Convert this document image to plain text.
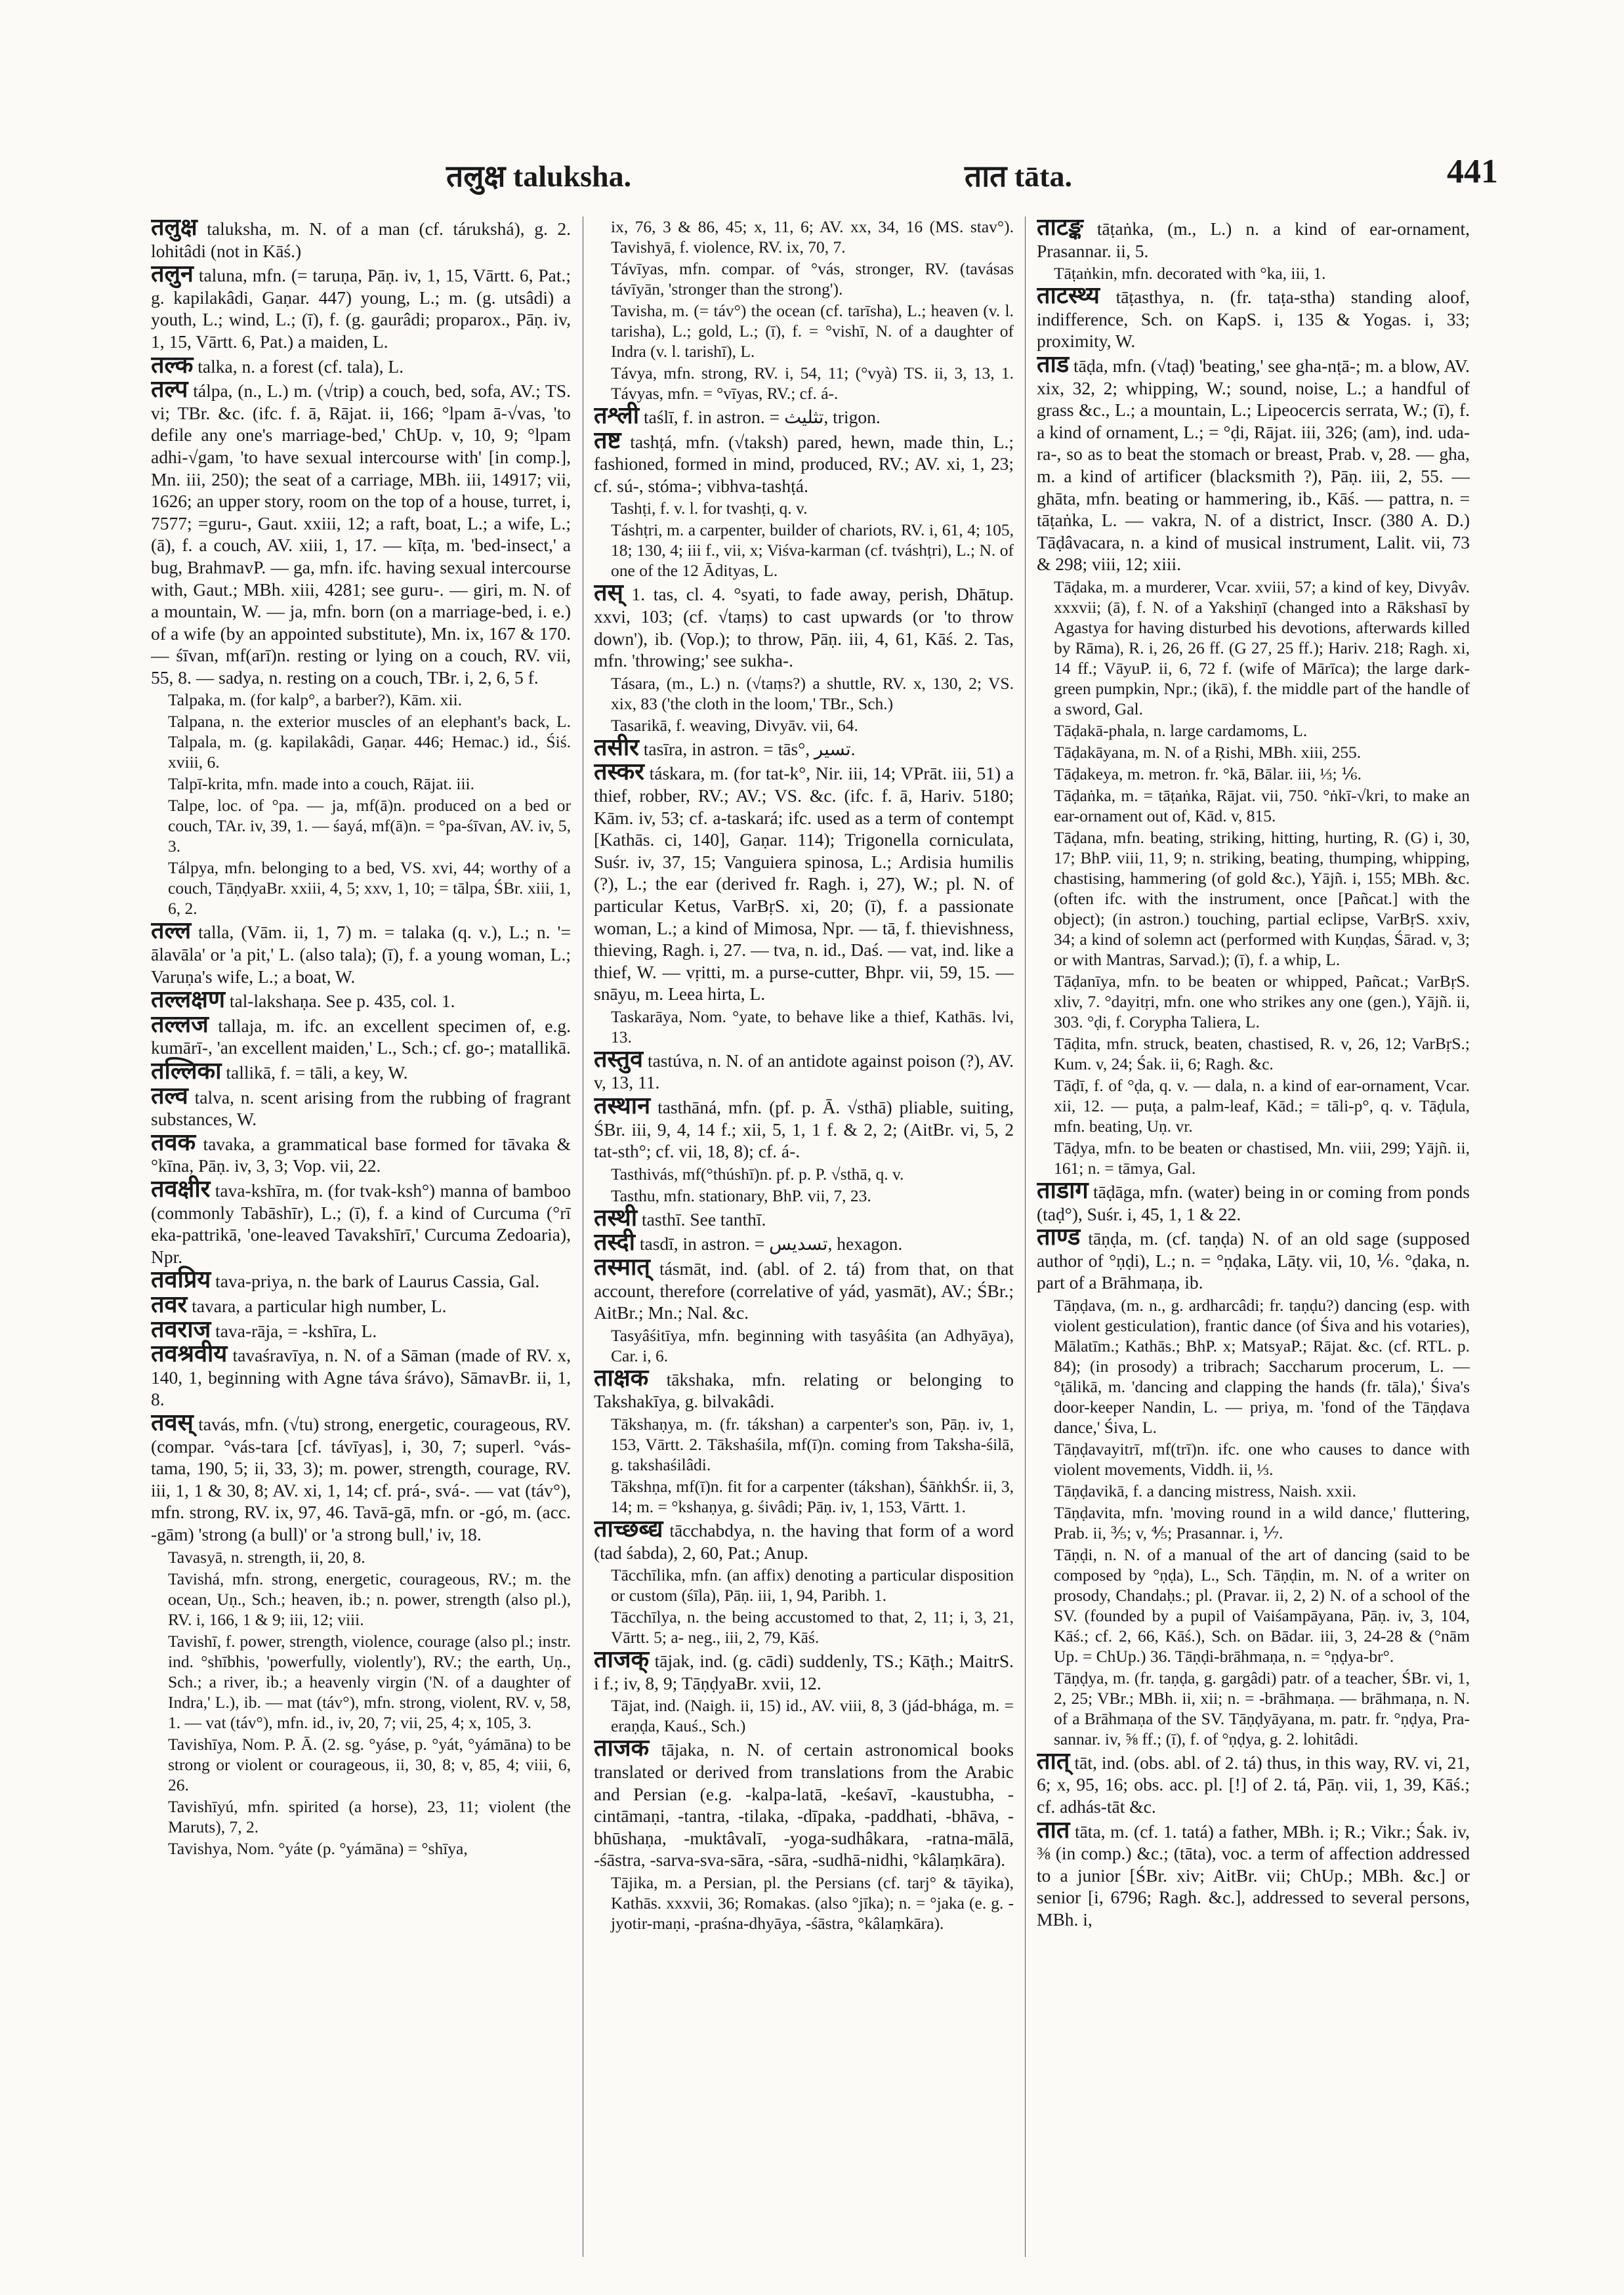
तलुक्ष taluksha.	तात tāta.	441
तलुक्ष taluksha, m. N. of a man (cf. tárukshá), g. 2. lohitâdi (not in Kāś.)
तलुन taluna, mfn. (= taruṇa, Pāṇ. iv, 1, 15, Vārtt. 6, Pat.; g. kapilakâdi, Gaṇar. 447) young, L.; m. (g. utsâdi) a youth, L.; wind, L.; (ī), f. (g. gaurâdi; proparox., Pāṇ. iv, 1, 15, Vārtt. 6, Pat.) a maiden, L.
तल्क talka, n. a forest (cf. tala), L.
तल्प tálpa, (n., L.) m. (√trip) a couch, bed, sofa, AV.; TS. vi; TBr. &c. (ifc. f. ā, Rājat. ii, 166; °lpam ā-√vas, 'to defile any one's marriage-bed,' ChUp. v, 10, 9; °lpam adhi-√gam, 'to have sexual intercourse with' [in comp.], Mn. iii, 250); the seat of a carriage, MBh. iii, 14917; vii, 1626; an upper story, room on the top of a house, turret, i, 7577; =guru-, Gaut. xxiii, 12; a raft, boat, L.; a wife, L.; (ā), f. a couch, AV. xiii, 1, 17. — kīṭa, m. 'bed-insect,' a bug, BrahmavP. — ga, mfn. ifc. having sexual intercourse with, Gaut.; MBh. xiii, 4281; see guru-. — giri, m. N. of a mountain, W. — ja, mfn. born (on a marriage-bed, i. e.) of a wife (by an appointed substitute), Mn. ix, 167 & 170. — śīvan, mf(arī)n. resting or lying on a couch, RV. vii, 55, 8. — sadya, n. resting on a couch, TBr. i, 2, 6, 5 f.
Talpaka, m. (for kalp°, a barber?), Kām. xii.
Talpana, n. the exterior muscles of an elephant's back, L. Talpala, m. (g. kapilakâdi, Gaṇar. 446; Hemac.) id., Śiś. xviii, 6.
Talpī-krita, mfn. made into a couch, Rājat. iii.
Talpe, loc. of °pa. — ja, mf(ā)n. produced on a bed or couch, TAr. iv, 39, 1. — śayá, mf(ā)n. = °pa-śīvan, AV. iv, 5, 3.
Tálpya, mfn. belonging to a bed, VS. xvi, 44; worthy of a couch, TāṇḍyaBr. xxiii, 4, 5; xxv, 1, 10; = tālpa, ŚBr. xiii, 1, 6, 2.
तल्ल talla, (Vām. ii, 1, 7) m. = talaka (q. v.), L.; n. '= ālavāla' or 'a pit,' L. (also tala); (ī), f. a young woman, L.; Varuṇa's wife, L.; a boat, W.
तल्लक्षण tal-lakshaṇa. See p. 435, col. 1.
तल्लज tallaja, m. ifc. an excellent specimen of, e.g. kumārī-, 'an excellent maiden,' L., Sch.; cf. go-; matallikā.
तल्लिका tallikā, f. = tāli, a key, W.
तल्व talva, n. scent arising from the rubbing of fragrant substances, W.
तवक tavaka, a grammatical base formed for tāvaka & °kīna, Pāṇ. iv, 3, 3; Vop. vii, 22.
तवक्षीर tava-kshīra, m. (for tvak-ksh°) manna of bamboo (commonly Tabāshīr), L.; (ī), f. a kind of Curcuma (°rī eka-pattrikā, 'one-leaved Tavakshīrī,' Curcuma Zedoaria), Npr.
तवप्रिय tava-priya, n. the bark of Laurus Cassia, Gal.
तवर tavara, a particular high number, L.
तवराज tava-rāja, = -kshīra, L.
तवश्रवीय tavaśravīya, n. N. of a Sāman (made of RV. x, 140, 1, beginning with Agne táva śrávo), SāmavBr. ii, 1, 8.
तवस् tavás, mfn. (√tu) strong, energetic, courageous, RV. (compar. °vás-tara [cf. távīyas], i, 30, 7; superl. °vás-tama, 190, 5; ii, 33, 3); m. power, strength, courage, RV. iii, 1, 1 & 30, 8; AV. xi, 1, 14; cf. prá-, svá-. — vat (táv°), mfn. strong, RV. ix, 97, 46. Tavā-gā, mfn. or -gó, m. (acc. -gām) 'strong (a bull)' or 'a strong bull,' iv, 18.
Tavasyā, n. strength, ii, 20, 8.
Tavishá, mfn. strong, energetic, courageous, RV.; m. the ocean, Uṇ., Sch.; heaven, ib.; n. power, strength (also pl.), RV. i, 166, 1 & 9; iii, 12; viii.
Tavishī, f. power, strength, violence, courage (also pl.; instr. ind. °shībhis, 'powerfully, violently'), RV.; the earth, Uṇ., Sch.; a river, ib.; a heavenly virgin ('N. of a daughter of Indra,' L.), ib. — mat (táv°), mfn. strong, violent, RV. v, 58, 1. — vat (táv°), mfn. id., iv, 20, 7; vii, 25, 4; x, 105, 3.
Tavishīya, Nom. P. Ā. (2. sg. °yáse, p. °yát, °yámāna) to be strong or violent or courageous, ii, 30, 8; v, 85, 4; viii, 6, 26.
Tavishīyú, mfn. spirited (a horse), 23, 11; violent (the Maruts), 7, 2.
Tavishya, Nom. °yáte (p. °yámāna) = °shīya,
ix, 76, 3 & 86, 45; x, 11, 6; AV. xx, 34, 16 (MS. stav°). Tavishyā, f. violence, RV. ix, 70, 7.
Távīyas, mfn. compar. of °vás, stronger, RV. (tavásas távīyān, 'stronger than the strong').
Tavisha, m. (= táv°) the ocean (cf. tarīsha), L.; heaven (v. l. tarisha), L.; gold, L.; (ī), f. = °vishī, N. of a daughter of Indra (v. l. tarishī), L.
Távya, mfn. strong, RV. i, 54, 11; (°vyà) TS. ii, 3, 13, 1. Távyas, mfn. = °vīyas, RV.; cf. á-.
तश्ली taślī, f. in astron. = تثلیث, trigon.
तष्ट tashṭá, mfn. (√taksh) pared, hewn, made thin, L.; fashioned, formed in mind, produced, RV.; AV. xi, 1, 23; cf. sú-, stóma-; vibhva-tashṭá.
Tashṭi, f. v. l. for tvashṭi, q. v.
Táshṭri, m. a carpenter, builder of chariots, RV. i, 61, 4; 105, 18; 130, 4; iii f., vii, x; Viśva-karman (cf. tváshṭri), L.; N. of one of the 12 Ādityas, L.
तस् 1. tas, cl. 4. °syati, to fade away, perish, Dhātup. xxvi, 103; (cf. √taṃs) to cast upwards (or 'to throw down'), ib. (Vop.); to throw, Pāṇ. iii, 4, 61, Kāś. 2. Tas, mfn. 'throwing;' see sukha-.
Tásara, (m., L.) n. (√taṃs?) a shuttle, RV. x, 130, 2; VS. xix, 83 ('the cloth in the loom,' TBr., Sch.)
Tasarikā, f. weaving, Divyāv. vii, 64.
तसीर tasīra, in astron. = tās°, تسیر.
तस्कर táskara, m. (for tat-k°, Nir. iii, 14; VPrāt. iii, 51) a thief, robber, RV.; AV.; VS. &c. (ifc. f. ā, Hariv. 5180; Kām. iv, 53; cf. a-taskará; ifc. used as a term of contempt [Kathās. ci, 140], Gaṇar. 114); Trigonella corniculata, Suśr. iv, 37, 15; Vanguiera spinosa, L.; Ardisia humilis (?), L.; the ear (derived fr. Ragh. i, 27), W.; pl. N. of particular Ketus, VarBṛS. xi, 20; (ī), f. a passionate woman, L.; a kind of Mimosa, Npr. — tā, f. thievishness, thieving, Ragh. i, 27. — tva, n. id., Daś. — vat, ind. like a thief, W. — vṛitti, m. a purse-cutter, Bhpr. vii, 59, 15. — snāyu, m. Leea hirta, L.
Taskarāya, Nom. °yate, to behave like a thief, Kathās. lvi, 13.
तस्तुव tastúva, n. N. of an antidote against poison (?), AV. v, 13, 11.
तस्थान tasthāná, mfn. (pf. p. Ā. √sthā) pliable, suiting, ŚBr. iii, 9, 4, 14 f.; xii, 5, 1, 1 f. & 2, 2; (AitBr. vi, 5, 2 tat-sth°; cf. vii, 18, 8); cf. á-.
Tasthivás, mf(°thúshī)n. pf. p. P. √sthā, q. v.
Tasthu, mfn. stationary, BhP. vii, 7, 23.
तस्थी tasthī. See tanthī.
तस्दी tasdī, in astron. = تسدیس, hexagon.
तस्मात् tásmāt, ind. (abl. of 2. tá) from that, on that account, therefore (correlative of yád, yasmāt), AV.; ŚBr.; AitBr.; Mn.; Nal. &c.
Tasyâśitīya, mfn. beginning with tasyâśita (an Adhyāya), Car. i, 6.
ताक्षक tākshaka, mfn. relating or belonging to Takshakīya, g. bilvakâdi.
Tākshaṇya, m. (fr. tákshan) a carpenter's son, Pāṇ. iv, 1, 153, Vārtt. 2. Tākshaśila, mf(ī)n. coming from Taksha-śilā, g. takshaśilâdi.
Tākshṇa, mf(ī)n. fit for a carpenter (tákshan), ŚāṅkhŚr. ii, 3, 14; m. = °kshaṇya, g. śivâdi; Pāṇ. iv, 1, 153, Vārtt. 1.
ताच्छब्द्य tācchabdya, n. the having that form of a word (tad śabda), 2, 60, Pat.; Anup.
Tācchīlika, mfn. (an affix) denoting a particular disposition or custom (śīla), Pāṇ. iii, 1, 94, Paribh. 1.
Tācchīlya, n. the being accustomed to that, 2, 11; i, 3, 21, Vārtt. 5; a- neg., iii, 2, 79, Kāś.
ताजक् tājak, ind. (g. cādi) suddenly, TS.; Kāṭh.; MaitrS. i f.; iv, 8, 9; TāṇḍyaBr. xvii, 12.
Tājat, ind. (Naigh. ii, 15) id., AV. viii, 8, 3 (jád-bhága, m. = eraṇḍa, Kauś., Sch.)
ताजक tājaka, n. N. of certain astronomical books translated or derived from translations from the Arabic and Persian (e.g. -kalpa-latā, -keśavī, -kaustubha, -cintāmaṇi, -tantra, -tilaka, -dīpaka, -paddhati, -bhāva, -bhūshaṇa, -muktâvalī, -yoga-sudhâkara, -ratna-mālā, -śāstra, -sarva-sva-sāra, -sāra, -sudhā-nidhi, °kâlaṃkāra).
Tājika, m. a Persian, pl. the Persians (cf. tarj° & tāyika), Kathās. xxxvii, 36; Romakas. (also °jīka); n. = °jaka (e. g. -jyotir-maṇi, -praśna-dhyāya, -śāstra, °kâlaṃkāra).
ताटङ्क tāṭaṅka, (m., L.) n. a kind of ear-ornament, Prasannar. ii, 5.
Tāṭaṅkin, mfn. decorated with °ka, iii, 1.
ताटस्थ्य tāṭasthya, n. (fr. taṭa-stha) standing aloof, indifference, Sch. on KapS. i, 135 & Yogas. i, 33; proximity, W.
ताड tāḍa, mfn. (√taḍ) 'beating,' see gha-nṭā-; m. a blow, AV. xix, 32, 2; whipping, W.; sound, noise, L.; a handful of grass &c., L.; a mountain, L.; Lipeocercis serrata, W.; (ī), f. a kind of ornament, L.; = °ḍi, Rājat. iii, 326; (am), ind. uda-ra-, so as to beat the stomach or breast, Prab. v, 28. — gha, m. a kind of artificer (blacksmith ?), Pāṇ. iii, 2, 55. — ghāta, mfn. beating or hammering, ib., Kāś. — pattra, n. = tāṭaṅka, L. — vakra, N. of a district, Inscr. (380 A. D.) Tāḍâvacara, n. a kind of musical instrument, Lalit. vii, 73 & 298; viii, 12; xiii.
Tāḍaka, m. a murderer, Vcar. xviii, 57; a kind of key, Divyâv. xxxvii; (ā), f. N. of a Yakshiṇī (changed into a Rākshasī by Agastya for having disturbed his devotions, afterwards killed by Rāma), R. i, 26, 26 ff. (G 27, 25 ff.); Hariv. 218; Ragh. xi, 14 ff.; VāyuP. ii, 6, 72 f. (wife of Mārīca); the large dark-green pumpkin, Npr.; (ikā), f. the middle part of the handle of a sword, Gal.
Tāḍakā-phala, n. large cardamoms, L.
Tāḍakāyana, m. N. of a Ṛishi, MBh. xiii, 255.
Tāḍakeya, m. metron. fr. °kā, Bālar. iii, ⅓; ⅙.
Tāḍaṅka, m. = tāṭaṅka, Rājat. vii, 750. °ṅkī-√kri, to make an ear-ornament out of, Kād. v, 815.
Tāḍana, mfn. beating, striking, hitting, hurting, R. (G) i, 30, 17; BhP. viii, 11, 9; n. striking, beating, thumping, whipping, chastising, hammering (of gold &c.), Yājñ. i, 155; MBh. &c. (often ifc. with the instrument, once [Pañcat.] with the object); (in astron.) touching, partial eclipse, VarBṛS. xxiv, 34; a kind of solemn act (performed with Kuṇḍas, Śārad. v, 3; or with Mantras, Sarvad.); (ī), f. a whip, L.
Tāḍanīya, mfn. to be beaten or whipped, Pañcat.; VarBṛS. xliv, 7. °dayitṛi, mfn. one who strikes any one (gen.), Yājñ. ii, 303. °ḍi, f. Corypha Taliera, L.
Tāḍita, mfn. struck, beaten, chastised, R. v, 26, 12; VarBṛS.; Kum. v, 24; Śak. ii, 6; Ragh. &c.
Tāḍī, f. of °ḍa, q. v. — dala, n. a kind of ear-ornament, Vcar. xii, 12. — puṭa, a palm-leaf, Kād.; = tāli-p°, q. v. Tāḍula, mfn. beating, Uṇ. vr.
Tāḍya, mfn. to be beaten or chastised, Mn. viii, 299; Yājñ. ii, 161; n. = tāmya, Gal.
ताडाग tāḍāga, mfn. (water) being in or coming from ponds (taḍ°), Suśr. i, 45, 1, 1 & 22.
ताण्ड tāṇḍa, m. (cf. taṇḍa) N. of an old sage (supposed author of °ṇḍi), L.; n. = °ṇḍaka, Lāṭy. vii, 10, ⅙. °ḍaka, n. part of a Brāhmaṇa, ib.
Tāṇḍava, (m. n., g. ardharcâdi; fr. taṇḍu?) dancing (esp. with violent gesticulation), frantic dance (of Śiva and his votaries), Mālatīm.; Kathās.; BhP. x; MatsyaP.; Rājat. &c. (cf. RTL. p. 84); (in prosody) a tribrach; Saccharum procerum, L. — °ṭālikā, m. 'dancing and clapping the hands (fr. tāla),' Śiva's door-keeper Nandin, L. — priya, m. 'fond of the Tāṇḍava dance,' Śiva, L.
Tāṇḍavayitrī, mf(trī)n. ifc. one who causes to dance with violent movements, Viddh. ii, ⅓.
Tāṇḍavikā, f. a dancing mistress, Naish. xxii.
Tāṇḍavita, mfn. 'moving round in a wild dance,' fluttering, Prab. ii, ⅗; v, ⅘; Prasannar. i, ⅐.
Tāṇḍi, n. N. of a manual of the art of dancing (said to be composed by °ṇḍa), L., Sch. Tāṇḍin, m. N. of a writer on prosody, Chandaḥs.; pl. (Pravar. ii, 2, 2) N. of a school of the SV. (founded by a pupil of Vaiśampāyana, Pāṇ. iv, 3, 104, Kāś.; cf. 2, 66, Kāś.), Sch. on Bādar. iii, 3, 24-28 & (°nām Up. = ChUp.) 36. Tāṇḍi-brāhmaṇa, n. = °ṇḍya-br°.
Tāṇḍya, m. (fr. taṇḍa, g. gargâdi) patr. of a teacher, ŚBr. vi, 1, 2, 25; VBr.; MBh. ii, xii; n. = -brāhmaṇa. — brāhmaṇa, n. N. of a Brāhmaṇa of the SV. Tāṇḍyāyana, m. patr. fr. °ṇḍya, Pra-sannar. iv, ⅝ ff.; (ī), f. of °ṇḍya, g. 2. lohitâdi.
तात् tāt, ind. (obs. abl. of 2. tá) thus, in this way, RV. vi, 21, 6; x, 95, 16; obs. acc. pl. [!] of 2. tá, Pāṇ. vii, 1, 39, Kāś.; cf. adhás-tāt &c.
तात tāta, m. (cf. 1. tatá) a father, MBh. i; R.; Vikr.; Śak. iv, ⅜ (in comp.) &c.; (tāta), voc. a term of affection addressed to a junior [ŚBr. xiv; AitBr. vii; ChUp.; MBh. &c.] or senior [i, 6796; Ragh. &c.], addressed to several persons, MBh. i,
